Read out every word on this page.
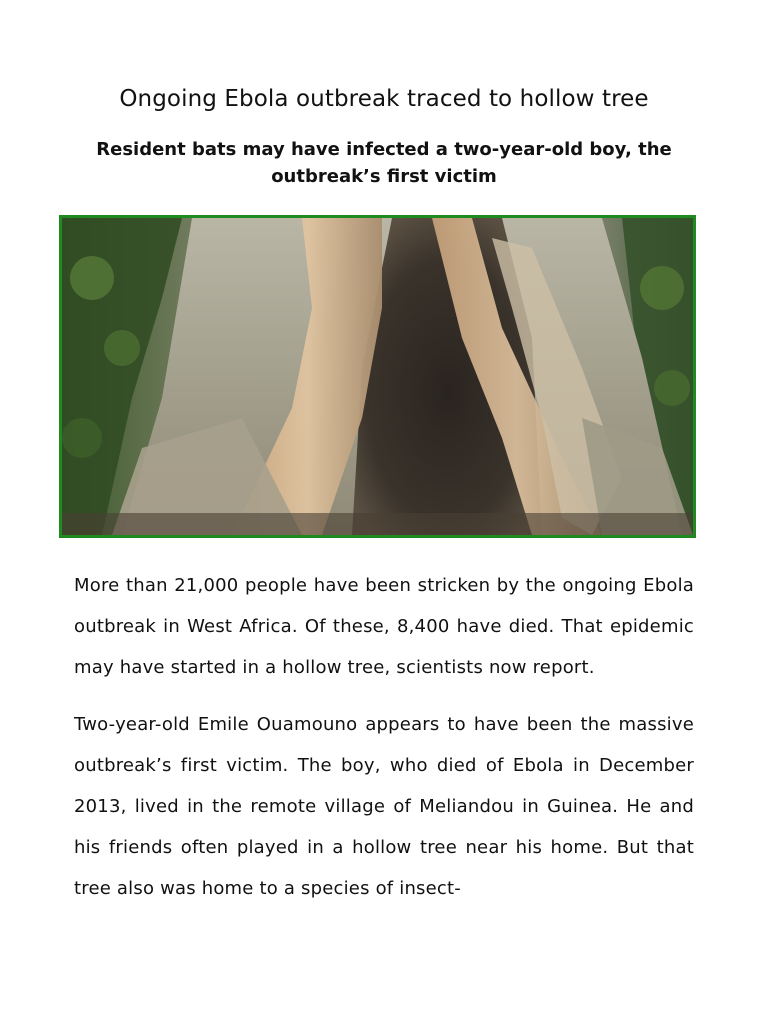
Ongoing Ebola outbreak traced to hollow tree
Resident bats may have infected a two-year-old boy, the outbreak’s first victim

More than 21,000 people have been stricken by the ongoing Ebola outbreak in West Africa. Of these, 8,400 have died. That epidemic may have started in a hollow tree, scientists now report.

Two-year-old Emile Ouamouno appears to have been the massive outbreak’s first victim. The boy, who died of Ebola in December 2013, lived in the remote village of Meliandou in Guinea. He and his friends often played in a hollow tree near his home. But that tree also was home to a species of insect-
